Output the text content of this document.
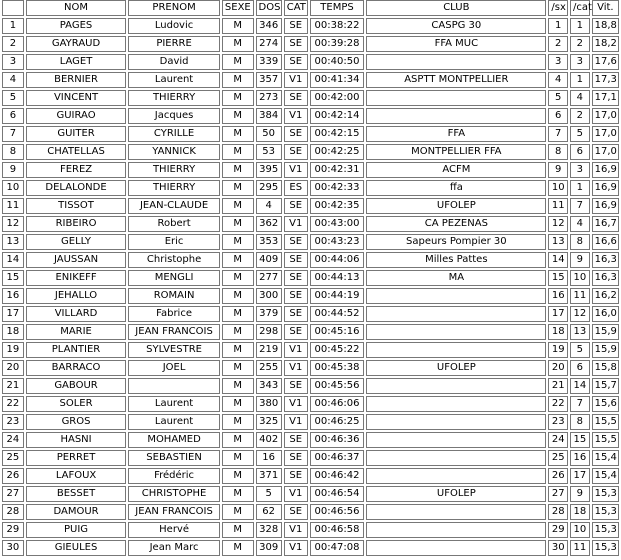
	NOM	PRENOM	SEXE	DOS	CAT	TEMPS	CLUB	/sx	/cat	Vit.
1	PAGES	Ludovic	M	346	SE	00:38:22	CASPG 30	1	1	18,8
2	GAYRAUD	PIERRE	M	274	SE	00:39:28	FFA MUC	2	2	18,2
3	LAGET	David	M	339	SE	00:40:50		3	3	17,6
4	BERNIER	Laurent	M	357	V1	00:41:34	ASPTT MONTPELLIER	4	1	17,3
5	VINCENT	THIERRY	M	273	SE	00:42:00		5	4	17,1
6	GUIRAO	Jacques	M	384	V1	00:42:14		6	2	17,0
7	GUITER	CYRILLE	M	50	SE	00:42:15	FFA	7	5	17,0
8	CHATELLAS	YANNICK	M	53	SE	00:42:25	MONTPELLIER FFA	8	6	17,0
9	FEREZ	THIERRY	M	395	V1	00:42:31	ACFM	9	3	16,9
10	DELALONDE	THIERRY	M	295	ES	00:42:33	ffa	10	1	16,9
11	TISSOT	JEAN-CLAUDE	M	4	SE	00:42:35	UFOLEP	11	7	16,9
12	RIBEIRO	Robert	M	362	V1	00:43:00	CA PEZENAS	12	4	16,7
13	GELLY	Eric	M	353	SE	00:43:23	Sapeurs Pompier 30	13	8	16,6
14	JAUSSAN	Christophe	M	409	SE	00:44:06	Milles Pattes	14	9	16,3
15	ENIKEFF	MENGLI	M	277	SE	00:44:13	MA	15	10	16,3
16	JEHALLO	ROMAIN	M	300	SE	00:44:19		16	11	16,2
17	VILLARD	Fabrice	M	379	SE	00:44:52		17	12	16,0
18	MARIE	JEAN FRANCOIS	M	298	SE	00:45:16		18	13	15,9
19	PLANTIER	SYLVESTRE	M	219	V1	00:45:22		19	5	15,9
20	BARRACO	JOEL	M	255	V1	00:45:38	UFOLEP	20	6	15,8
21	GABOUR		M	343	SE	00:45:56		21	14	15,7
22	SOLER	Laurent	M	380	V1	00:46:06		22	7	15,6
23	GROS	Laurent	M	325	V1	00:46:25		23	8	15,5
24	HASNI	MOHAMED	M	402	SE	00:46:36		24	15	15,5
25	PERRET	SEBASTIEN	M	16	SE	00:46:37		25	16	15,4
26	LAFOUX	Frédéric	M	371	SE	00:46:42		26	17	15,4
27	BESSET	CHRISTOPHE	M	5	V1	00:46:54	UFOLEP	27	9	15,3
28	DAMOUR	JEAN FRANCOIS	M	62	SE	00:46:56		28	18	15,3
29	PUIG	Hervé	M	328	V1	00:46:58		29	10	15,3
30	GIEULES	Jean Marc	M	309	V1	00:47:08		30	11	15,3
